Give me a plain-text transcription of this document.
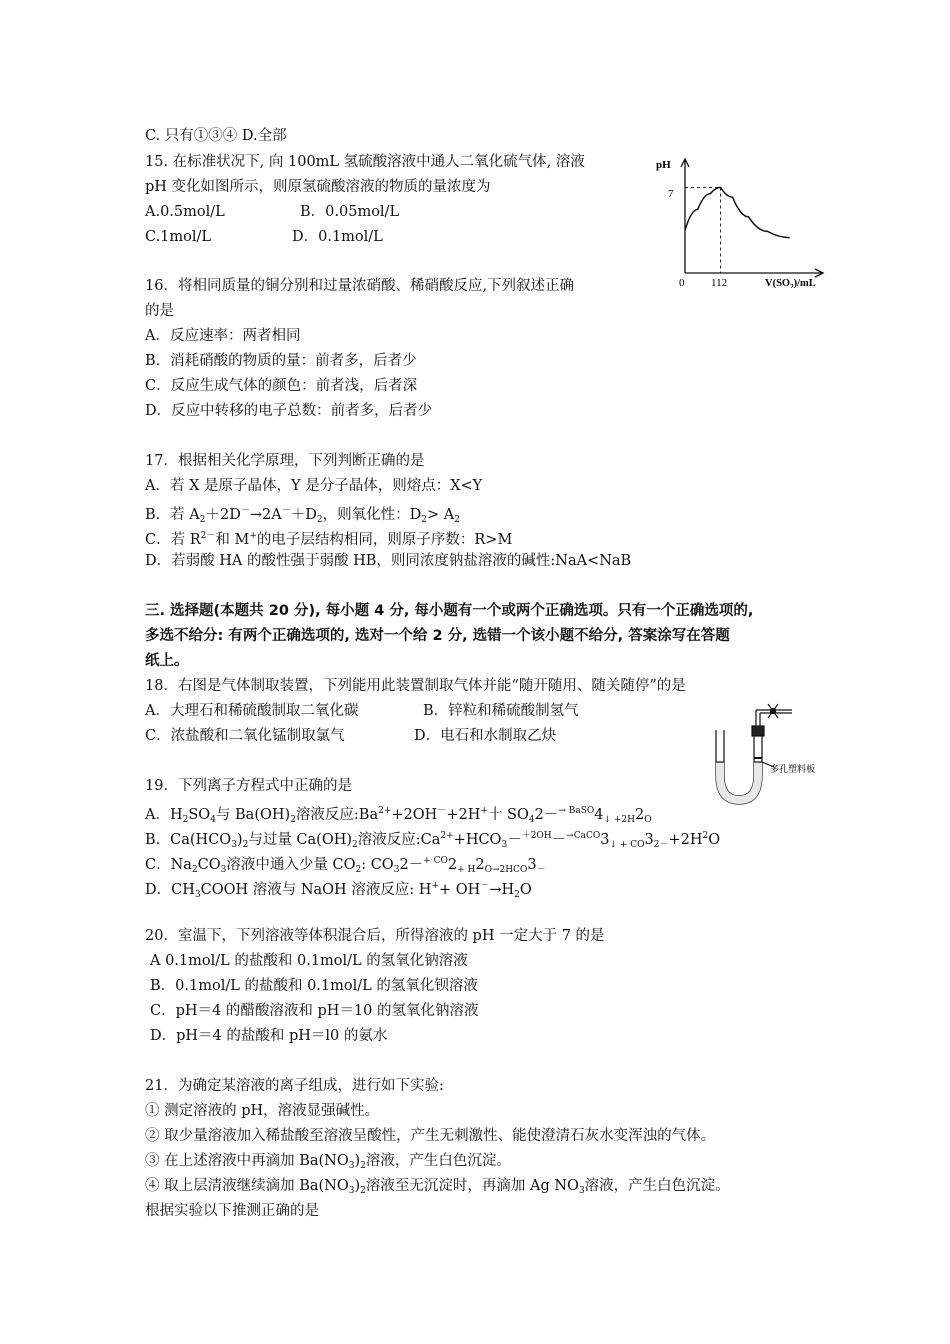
C. 只有①③④ D.全部
15. 在标准状况下, 向 100mL 氢硫酸溶液中通人二氧化硫气体, 溶液
pH 变化如图所示，则原氢硫酸溶液的物质的量浓度为
A.0.5mol/L	B．0.05mol/L
C.1mol/L	D．0.1mol/L
16．将相同质量的铜分别和过量浓硝酸、稀硝酸反应,下列叙述正确
的是
A．反应速率：两者相同
B．消耗硝酸的物质的量：前者多，后者少
C．反应生成气体的颜色：前者浅，后者深
D．反应中转移的电子总数：前者多，后者少
17．根据相关化学原理，下列判断正确的是
A．若 X 是原子晶体，Y 是分子晶体，则熔点：X<Y
B．若 $A_2+2D^-\to 2A^-+D_2$，则氧化性：$D_2> A_2$
C．若 $R^{2-}$和 M+的电子层结构相同，则原子序数：R>M
D．若弱酸 HA 的酸性强于弱酸 HB，则同浓度钠盐溶液的碱性:NaA<NaB
三. 选择题(本题共 20 分), 每小题 4 分, 每小题有一个或两个正确选项。只有一个正确选项的,
多选不给分: 有两个正确选项的, 选对一个给 2 分, 选错一个该小题不给分, 答案涂写在答题
纸上。
18．右图是气体制取装置，下列能用此装置制取气体并能“随开随用、随关随停”的是
A．大理石和稀硫酸制取二氧化碳	B．锌粒和稀硫酸制氢气
C．浓盐酸和二氧化锰制取氯气	D．电石和水制取乙炔
19．下列离子方程式中正确的是
A．$H_2SO_4$与 $Ba(OH)_2$溶液反应$:Ba^{2+}+2OH^-+2H^+$十 $SO_42-^{\to BaSO}4_{↓ +2H}2_O$
B．$Ca(HCO_3)_2$与过量 $Ca(OH)_2$溶液反应$:Ca^{2+}+HCO_3-^{+2OH}-^{\to CaCO}3_{↓ + CO}3_{2-}+2H^2O$
C．$Na_2CO_3$溶液中通入少量 $CO_2$: $CO_32-^{+ CO}2_{+ H}2_{O\to 2HCO}3_-$
D．$CH_3COOH$ 溶液与 NaOH 溶液反应: $H^++ OH^-\to H_2O$
20．室温下，下列溶液等体积混合后，所得溶液的 pH 一定大于 7 的是
A 0.1mol/L 的盐酸和 0.1mol/L 的氢氧化钠溶液
B．0.1mol/L 的盐酸和 0.1mol/L 的氢氧化钡溶液
C．pH＝4 的醋酸溶液和 pH＝10 的氢氧化钠溶液
D．pH＝4 的盐酸和 pH＝l0 的氨水
21．为确定某溶液的离子组成，进行如下实验:
① 测定溶液的 pH，溶液显强碱性。
② 取少量溶液加入稀盐酸至溶液呈酸性，产生无刺激性、能使澄清石灰水变浑浊的气体。
③ 在上述溶液中再滴加 $Ba(NO_3)_2$溶液，产生白色沉淀。
④ 取上层清液继续滴加 $Ba(NO_3)_2$溶液至无沉淀时，再滴加 Ag $NO_3$溶液，产生白色沉淀。
根据实验以下推测正确的是
pH
0
7
112	$V(SO_2)/mL$
多孔塑料板
